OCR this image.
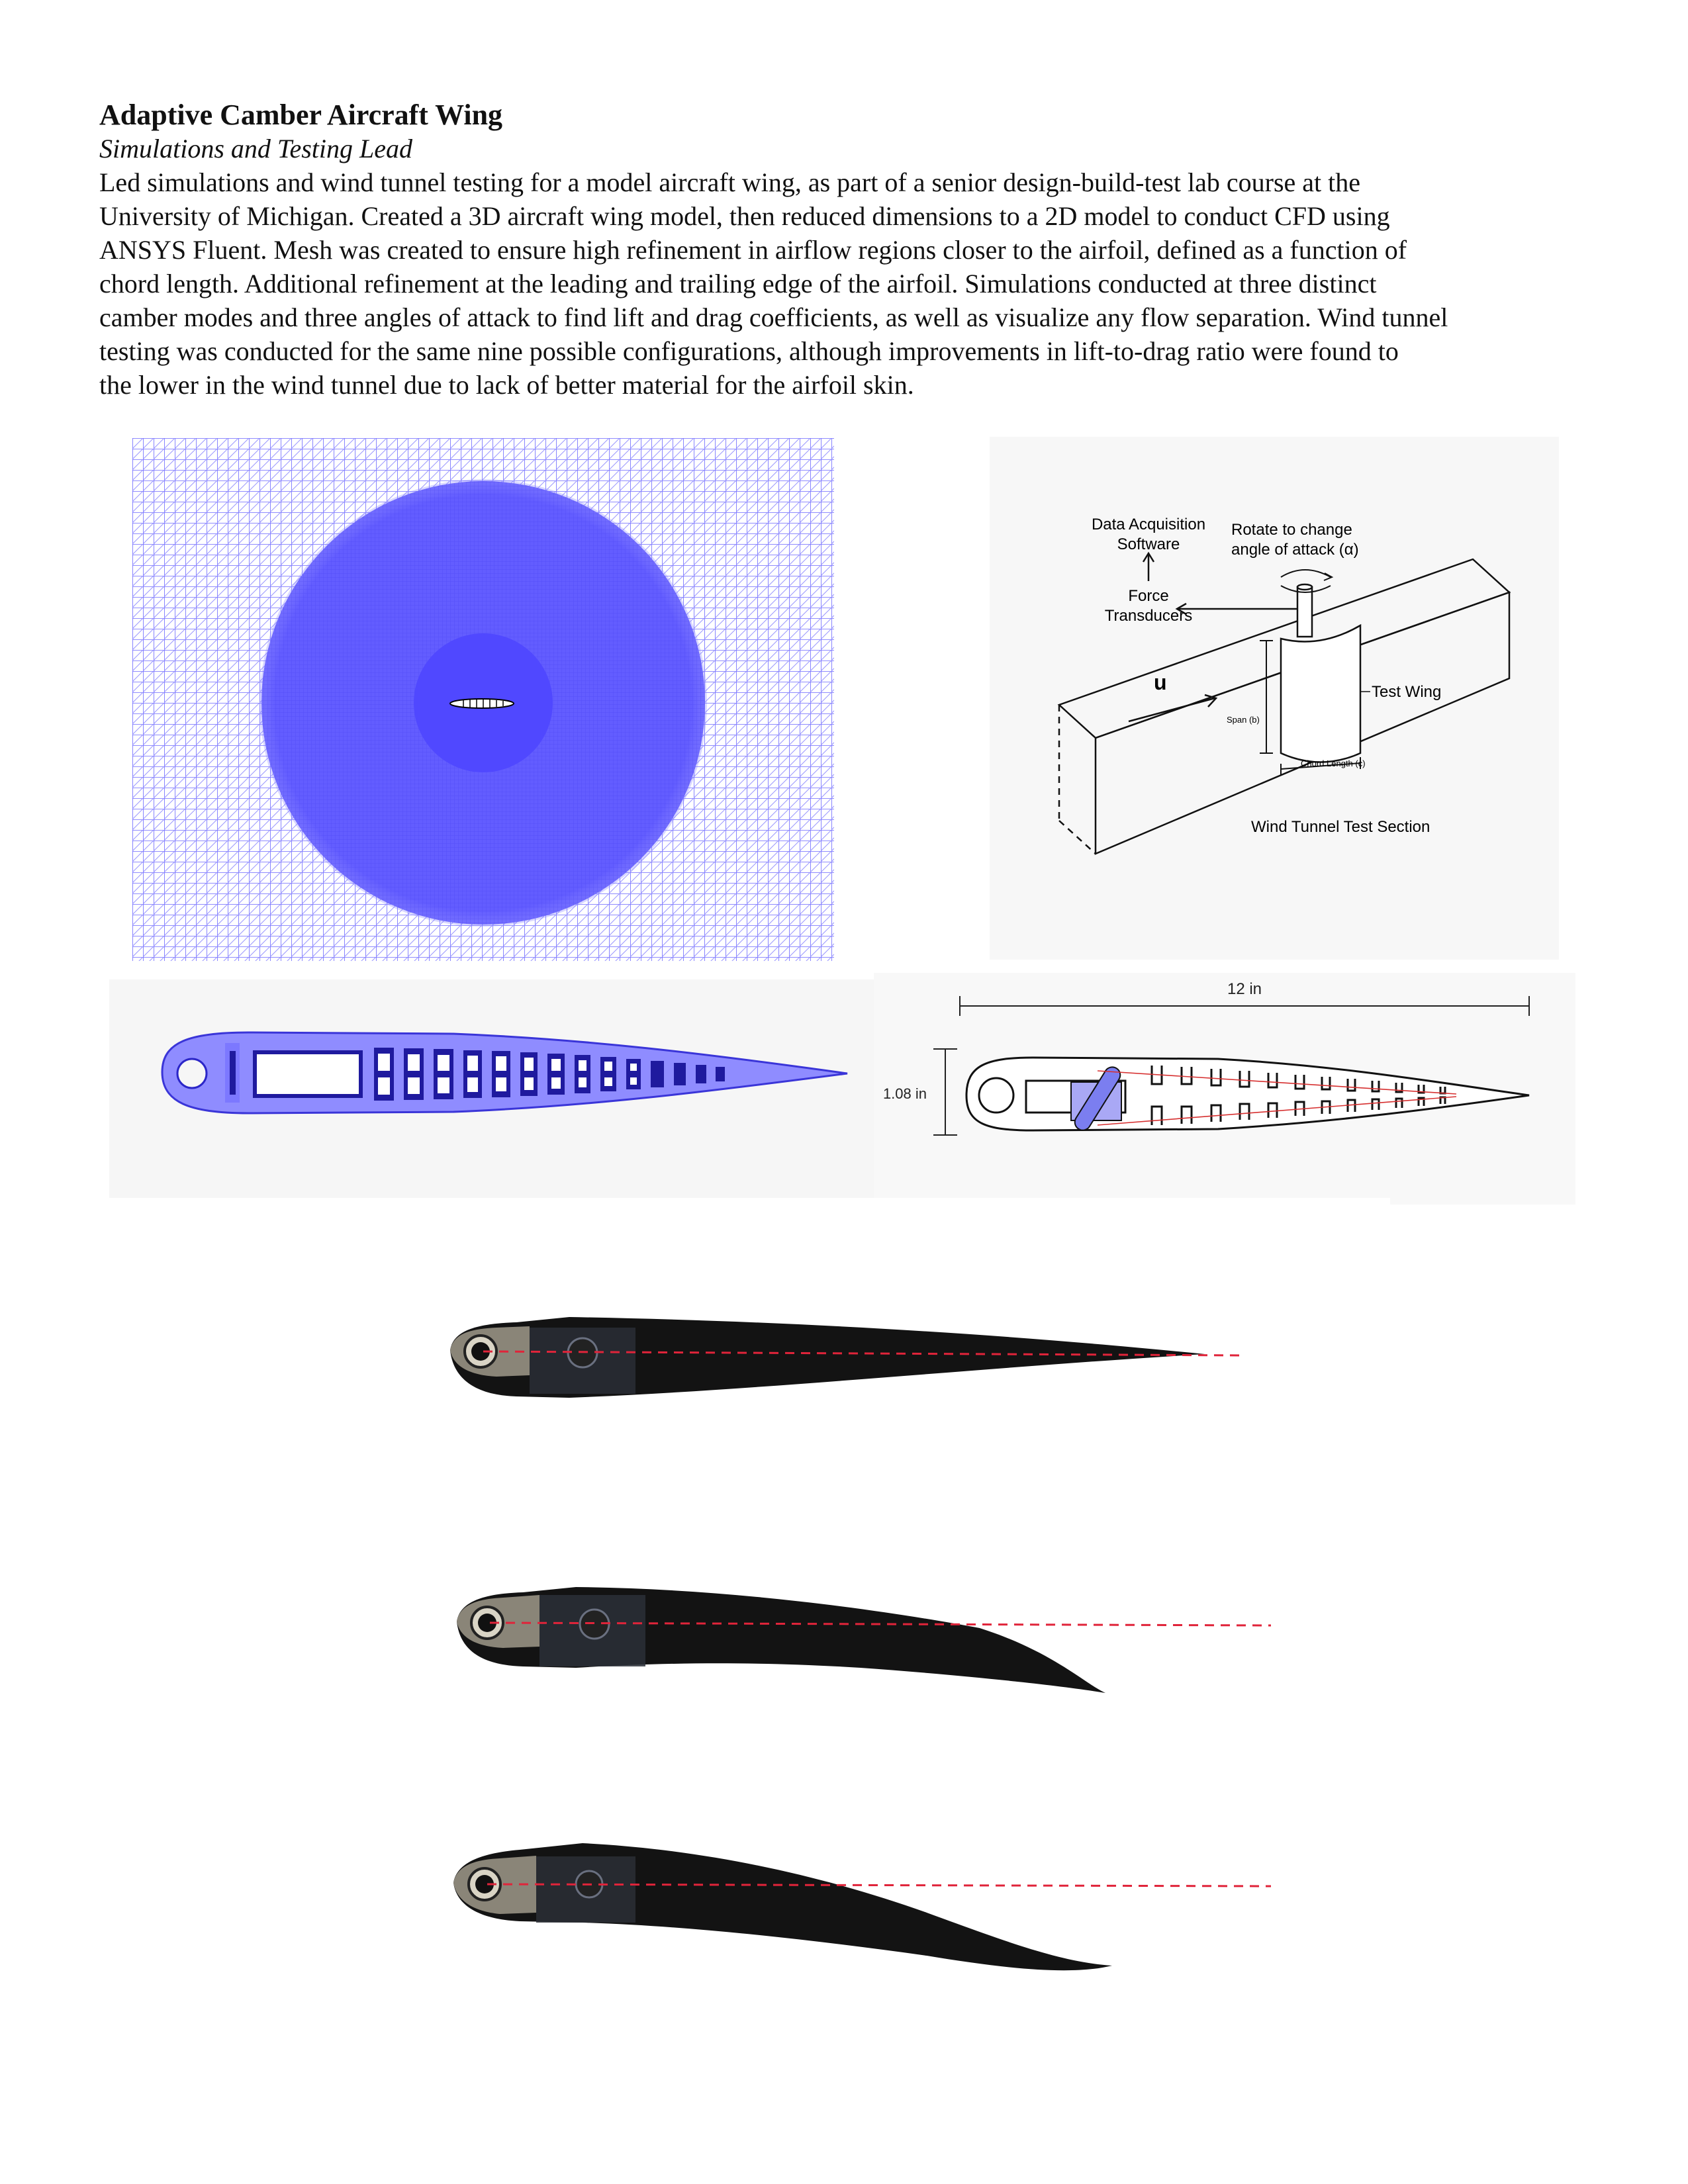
Adaptive Camber Aircraft Wing

Simulations and Testing Lead

Led simulations and wind tunnel testing for a model aircraft wing, as part of a senior design-build-test lab course at the

University of Michigan. Created a 3D aircraft wing model, then reduced dimensions to a 2D model to conduct CFD using

ANSYS Fluent. Mesh was created to ensure high refinement in airflow regions closer to the airfoil, defined as a function of

chord length. Additional refinement at the leading and trailing edge of the airfoil. Simulations conducted at three distinct

camber modes and three angles of attack to find lift and drag coefficients, as well as visualize any flow separation. Wind tunnel

testing was conducted for the same nine possible configurations, although improvements in lift-to-drag ratio were found to

the lower in the wind tunnel due to lack of better material for the airfoil skin.

Data Acquisition
Software
Rotate to change
angle of attack (α)
Force
Transducers
u	Test Wing
Span (b)
Chord Length (c)
Wind Tunnel Test Section
12 in
1.08 in
